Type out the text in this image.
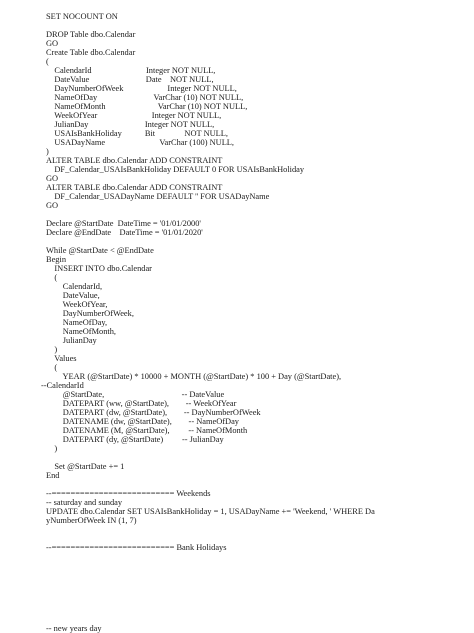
SET NOCOUNT ON
DROP Table dbo.Calendar
GO
Create Table dbo.Calendar
(
CalendarId                          Integer NOT NULL,
DateValue                           Date    NOT NULL,
DayNumberOfWeek                     Integer NOT NULL,
NameOfDay                           VarChar (10) NOT NULL,
NameOfMonth                         VarChar (10) NOT NULL,
WeekOfYear                          Integer NOT NULL,
JulianDay                           Integer NOT NULL,
USAIsBankHoliday           Bit              NOT NULL,
USADayName                          VarChar (100) NULL,
)
ALTER TABLE dbo.Calendar ADD CONSTRAINT
DF_Calendar_USAIsBankHoliday DEFAULT 0 FOR USAIsBankHoliday
GO
ALTER TABLE dbo.Calendar ADD CONSTRAINT
DF_Calendar_USADayName DEFAULT '' FOR USADayName
GO
Declare @StartDate  DateTime = '01/01/2000'
Declare @EndDate    DateTime = '01/01/2020'
While @StartDate < @EndDate
Begin
INSERT INTO dbo.Calendar
(
CalendarId,
DateValue,
WeekOfYear,
DayNumberOfWeek,
NameOfDay,
NameOfMonth,
JulianDay
)
Values
(
YEAR (@StartDate) * 10000 + MONTH (@StartDate) * 100 + Day (@StartDate),
--CalendarId
@StartDate,                                     -- DateValue
DATEPART (ww, @StartDate),        -- WeekOfYear
DATEPART (dw, @StartDate),        -- DayNumberOfWeek
DATENAME (dw, @StartDate),        -- NameOfDay
DATENAME (M, @StartDate),         -- NameOfMonth
DATEPART (dy, @StartDate)         -- JulianDay
)
Set @StartDate += 1
End
--========================== Weekends
-- saturday and sunday
UPDATE dbo.Calendar SET USAIsBankHoliday = 1, USADayName += 'Weekend, ' WHERE Da
yNumberOfWeek IN (1, 7)
--========================== Bank Holidays
-- new years day
